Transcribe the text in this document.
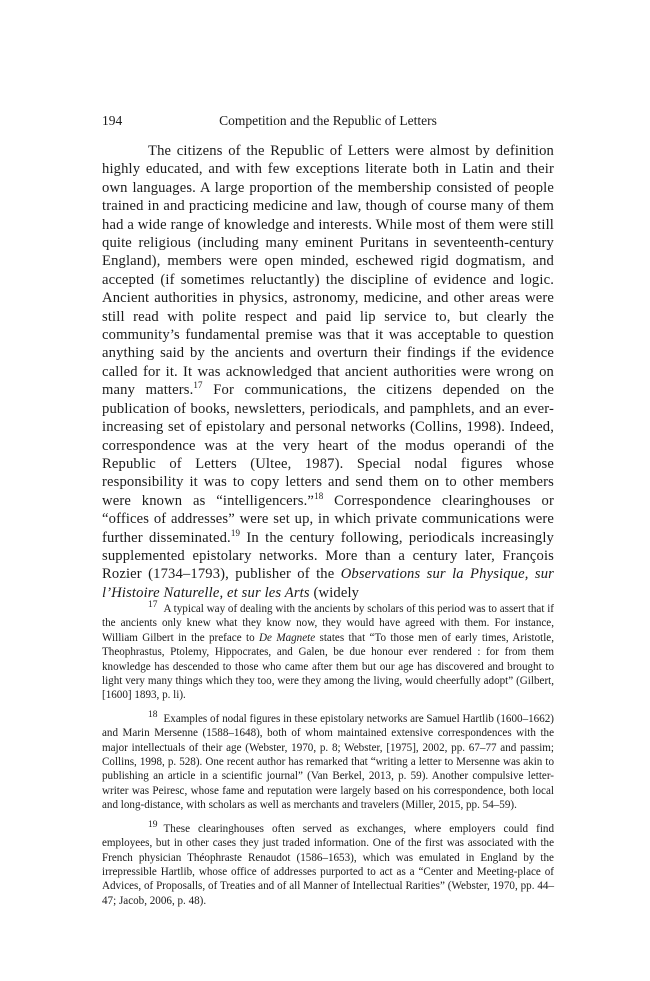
194	Competition and the Republic of Letters

The citizens of the Republic of Letters were almost by definition highly educated, and with few exceptions literate both in Latin and their own languages. A large proportion of the membership consisted of people trained in and practicing medicine and law, though of course many of them had a wide range of knowledge and interests. While most of them were still quite religious (including many eminent Puritans in seventeenth-century England), members were open minded, eschewed rigid dogmatism, and accepted (if sometimes reluctantly) the discipline of evidence and logic. Ancient authorities in physics, astronomy, medicine, and other areas were still read with polite respect and paid lip service to, but clearly the community’s fundamental premise was that it was acceptable to question anything said by the ancients and overturn their findings if the evidence called for it. It was acknowledged that ancient authorities were wrong on many matters.$^{17}$ For communications, the citizens depended on the publication of books, newsletters, periodicals, and pamphlets, and an ever-increasing set of epistolary and personal networks (Collins, 1998). Indeed, correspondence was at the very heart of the modus operandi of the Republic of Letters (Ultee, 1987). Special nodal figures whose responsibility it was to copy letters and send them on to other members were known as “intelligencers.”$^{18}$ Correspondence clearinghouses or “offices of addresses” were set up, in which private communications were further disseminated.$^{19}$ In the century following, periodicals increasingly supplemented epistolary networks. More than a century later, François Rozier (1734–1793), publisher of the Observations sur la Physique, sur l’Histoire Naturelle, et sur les Arts (widely

17 A typical way of dealing with the ancients by scholars of this period was to assert that if the ancients only knew what they know now, they would have agreed with them. For instance, William Gilbert in the preface to De Magnete states that “To those men of early times, Aristotle, Theophrastus, Ptolemy, Hippocrates, and Galen, be due honour ever rendered : for from them knowledge has descended to those who came after them but our age has discovered and brought to light very many things which they too, were they among the living, would cheerfully adopt” (Gilbert, [1600] 1893, p. li).

18 Examples of nodal figures in these epistolary networks are Samuel Hartlib (1600–1662) and Marin Mersenne (1588–1648), both of whom maintained extensive correspondences with the major intellectuals of their age (Webster, 1970, p. 8; Webster, [1975], 2002, pp. 67–77 and passim; Collins, 1998, p. 528). One recent author has remarked that “writing a letter to Mersenne was akin to publishing an article in a scientific journal” (Van Berkel, 2013, p. 59). Another compulsive letter-writer was Peiresc, whose fame and reputation were largely based on his correspondence, both local and long-distance, with scholars as well as merchants and travelers (Miller, 2015, pp. 54–59).

19 These clearinghouses often served as exchanges, where employers could find employees, but in other cases they just traded information. One of the first was associated with the French physician Théophraste Renaudot (1586–1653), which was emulated in England by the irrepressible Hartlib, whose office of addresses purported to act as a “Center and Meeting-place of Advices, of Proposalls, of Treaties and of all Manner of Intellectual Rarities” (Webster, 1970, pp. 44–47; Jacob, 2006, p. 48).
